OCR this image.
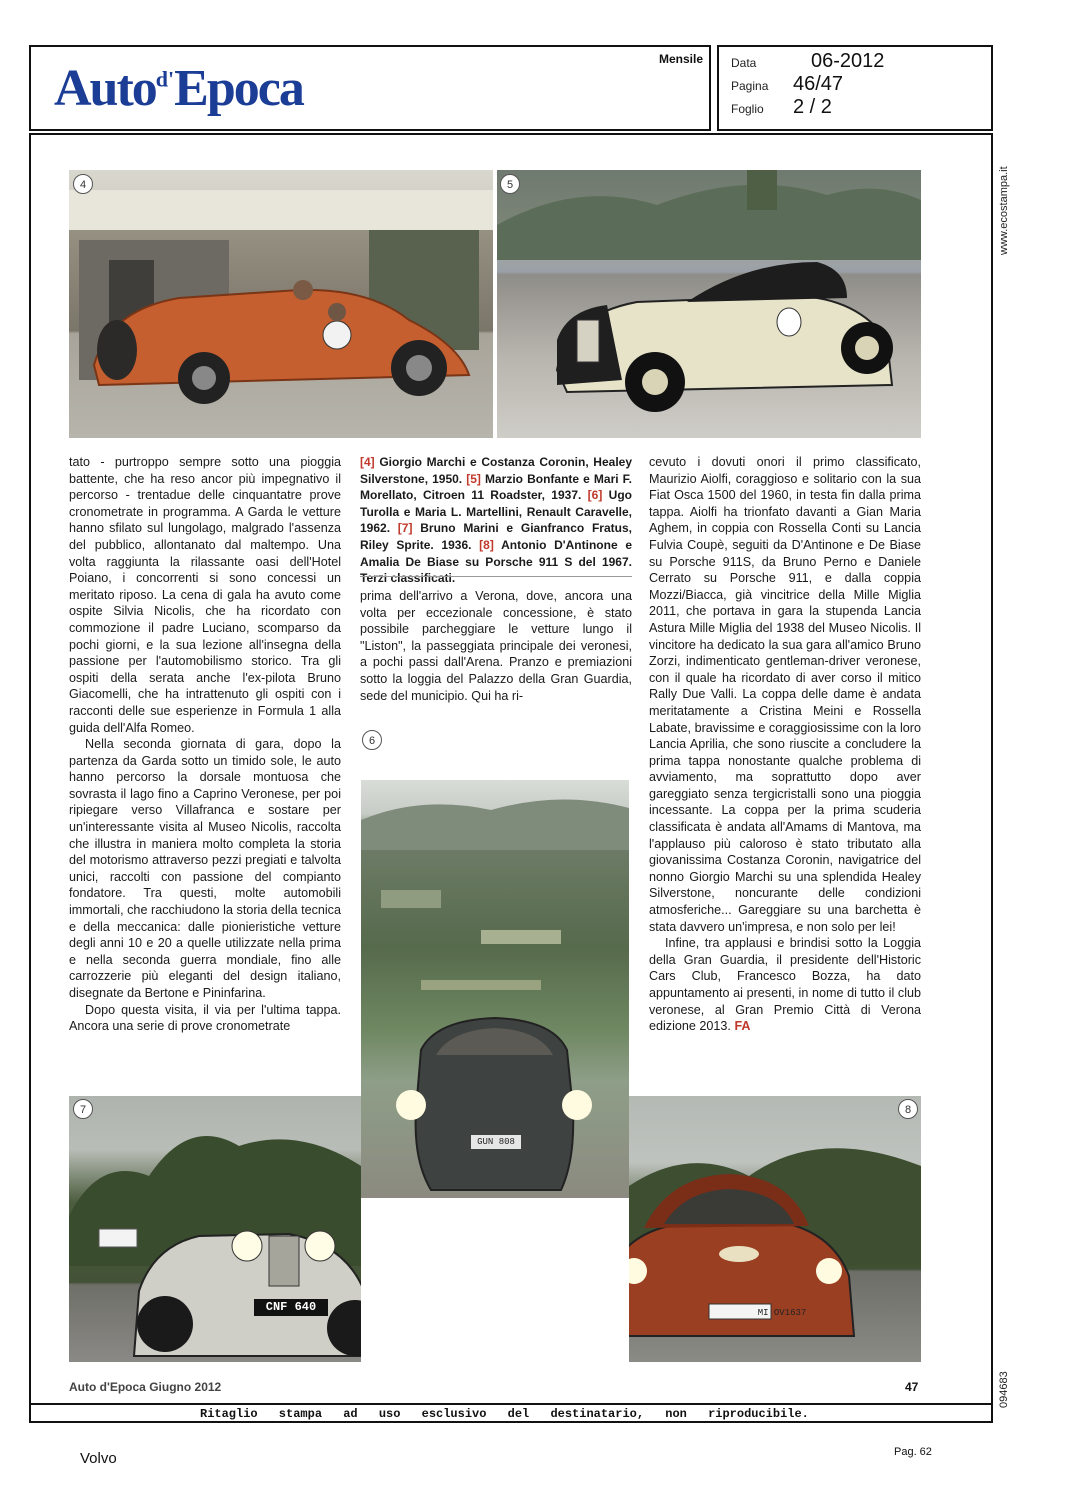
Auto$^{d'}$Epoca
Mensile Data	06-2012
Pagina 46/47
Foglio 2 / 2
www.ecostampa.it
094683
4	5

tato - purtroppo sempre sotto una pioggia battente, che ha reso ancor più impegnativo il percorso - trentadue delle cinquantatre prove cronometrate in programma. A Garda le vetture hanno sfilato sul lungolago, malgrado l'assenza del pubblico, allontanato dal maltempo. Una volta raggiunta la rilassante oasi dell'Hotel Poiano, i concorrenti si sono concessi un meritato riposo. La cena di gala ha avuto come ospite Silvia Nicolis, che ha ricordato con commozione il padre Luciano, scomparso da pochi giorni, e la sua lezione all'insegna della passione per l'automobilismo storico. Tra gli ospiti della serata anche l'ex-pilota Bruno Giacomelli, che ha intrattenuto gli ospiti con i racconti delle sue esperienze in Formula 1 alla guida dell'Alfa Romeo.

Nella seconda giornata di gara, dopo la partenza da Garda sotto un timido sole, le auto hanno percorso la dorsale montuosa che sovrasta il lago fino a Caprino Veronese, per poi ripiegare verso Villafranca e sostare per un'interessante visita al Museo Nicolis, raccolta che illustra in maniera molto completa la storia del motorismo attraverso pezzi pregiati e talvolta unici, raccolti con passione del compianto fondatore. Tra questi, molte automobili immortali, che racchiudono la storia della tecnica e della meccanica: dalle pionieristiche vetture degli anni 10 e 20 a quelle utilizzate nella prima e nella seconda guerra mondiale, fino alle carrozzerie più eleganti del design italiano, disegnate da Bertone e Pininfarina.

Dopo questa visita, il via per l'ultima tappa. Ancora una serie di prove cronometrate

[4] Giorgio Marchi e Costanza Coronin, Healey Silverstone, 1950. [5] Marzio Bonfante e Mari F. Morellato, Citroen 11 Roadster, 1937. [6] Ugo Turolla e Maria L. Martellini, Renault Caravelle, 1962. [7] Bruno Marini e Gianfranco Fratus, Riley Sprite. 1936. [8] Antonio D'Antinone e Amalia De Biase su Porsche 911 S del 1967. Terzi classificati.

prima dell'arrivo a Verona, dove, ancora una volta per eccezionale concessione, è stato possibile parcheggiare le vetture lungo il "Liston", la passeggiata principale dei veronesi, a pochi passi dall'Arena. Pranzo e premiazioni sotto la loggia del Palazzo della Gran Guardia, sede del municipio. Qui ha ri-

6
GUN 808

cevuto i dovuti onori il primo classificato, Maurizio Aiolfi, coraggioso e solitario con la sua Fiat Osca 1500 del 1960, in testa fin dalla prima tappa. Aiolfi ha trionfato davanti a Gian Maria Aghem, in coppia con Rossella Conti su Lancia Fulvia Coupè, seguiti da D'Antinone e De Biase su Porsche 911S, da Bruno Perno e Daniele Cerrato su Porsche 911, e dalla coppia Mozzi/Biacca, già vincitrice della Mille Miglia 2011, che portava in gara la stupenda Lancia Astura Mille Miglia del 1938 del Museo Nicolis. Il vincitore ha dedicato la sua gara all'amico Bruno Zorzi, indimenticato gentleman-driver veronese, con il quale ha ricordato di aver corso il mitico Rally Due Valli. La coppa delle dame è andata meritatamente a Cristina Meini e Rossella Labate, bravissime e coraggiosissime con la loro Lancia Aprilia, che sono riuscite a concludere la prima tappa nonostante qualche problema di avviamento, ma soprattutto dopo aver gareggiato senza tergicristalli sono una pioggia incessante. La coppa per la prima scuderia classificata è andata all'Amams di Mantova, ma l'applauso più caloroso è stato tributato alla giovanissima Costanza Coronin, navigatrice del nonno Giorgio Marchi su una splendida Healey Silverstone, noncurante delle condizioni atmosferiche... Gareggiare su una barchetta è stata davvero un'impresa, e non solo per lei!

Infine, tra applausi e brindisi sotto la Loggia della Gran Guardia, il presidente dell'Historic Cars Club, Francesco Bozza, ha dato appuntamento ai presenti, in nome di tutto il club veronese, al Gran Premio Città di Verona edizione 2013. FA

CNF 640
7
MI OV1637
8
Auto d'Epoca Giugno 2012	47
Ritaglio stampa ad uso esclusivo del destinatario, non riproducibile.
Volvo	Pag. 62
